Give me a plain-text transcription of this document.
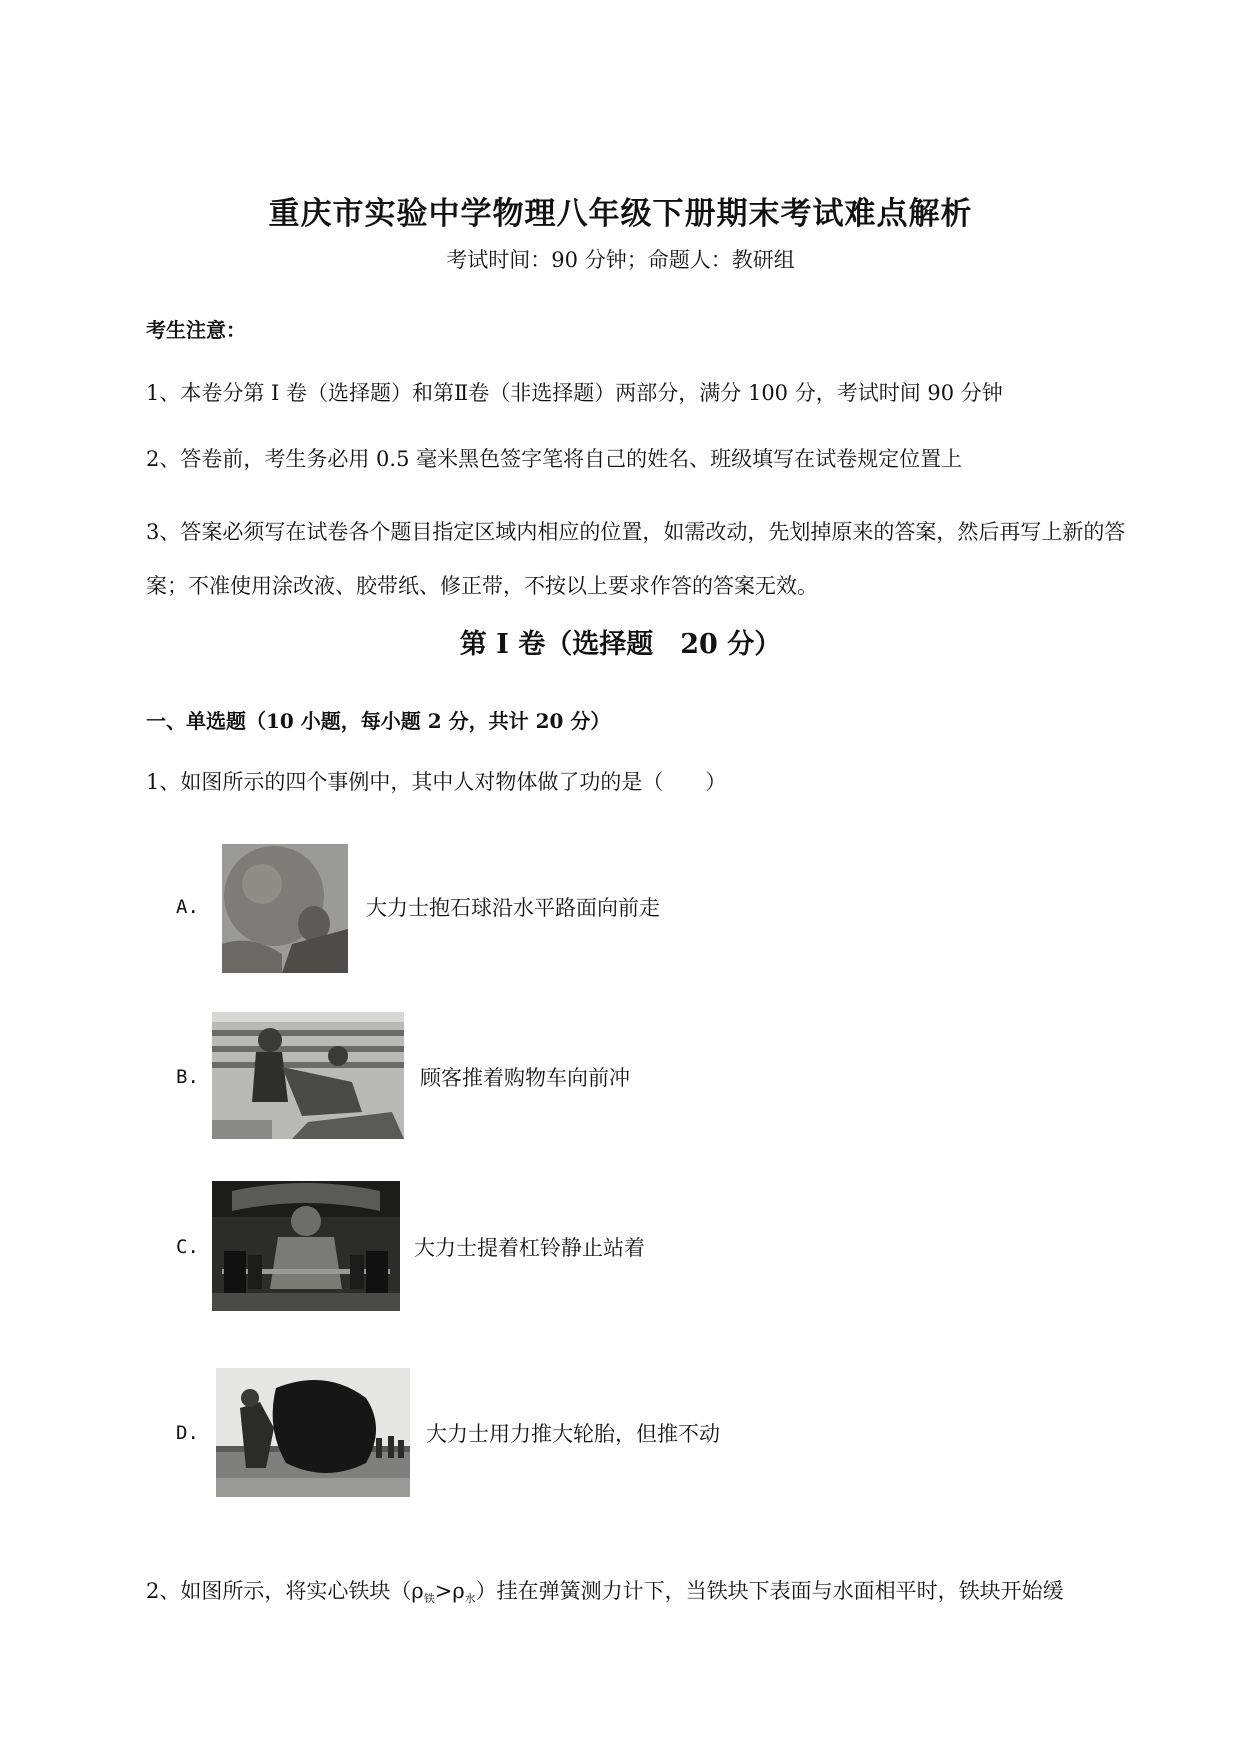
重庆市实验中学物理八年级下册期末考试难点解析
考试时间：90 分钟；命题人：教研组
考生注意：
1、本卷分第 I 卷（选择题）和第Ⅱ卷（非选择题）两部分，满分 100 分，考试时间 90 分钟
2、答卷前，考生务必用 0.5 毫米黑色签字笔将自己的姓名、班级填写在试卷规定位置上
3、答案必须写在试卷各个题目指定区域内相应的位置，如需改动，先划掉原来的答案，然后再写上新的答案；不准使用涂改液、胶带纸、修正带，不按以上要求作答的答案无效。
第 I 卷（选择题　20 分）
一、单选题（10 小题，每小题 2 分，共计 20 分）
1、如图所示的四个事例中，其中人对物体做了功的是（　　）
A.	大力士抱石球沿水平路面向前走
B.	顾客推着购物车向前冲
C.	大力士提着杠铃静止站着
D.	大力士用力推大轮胎，但推不动
2、如图所示，将实心铁块（ρ铁>ρ水）挂在弹簧测力计下，当铁块下表面与水面相平时，铁块开始缓
